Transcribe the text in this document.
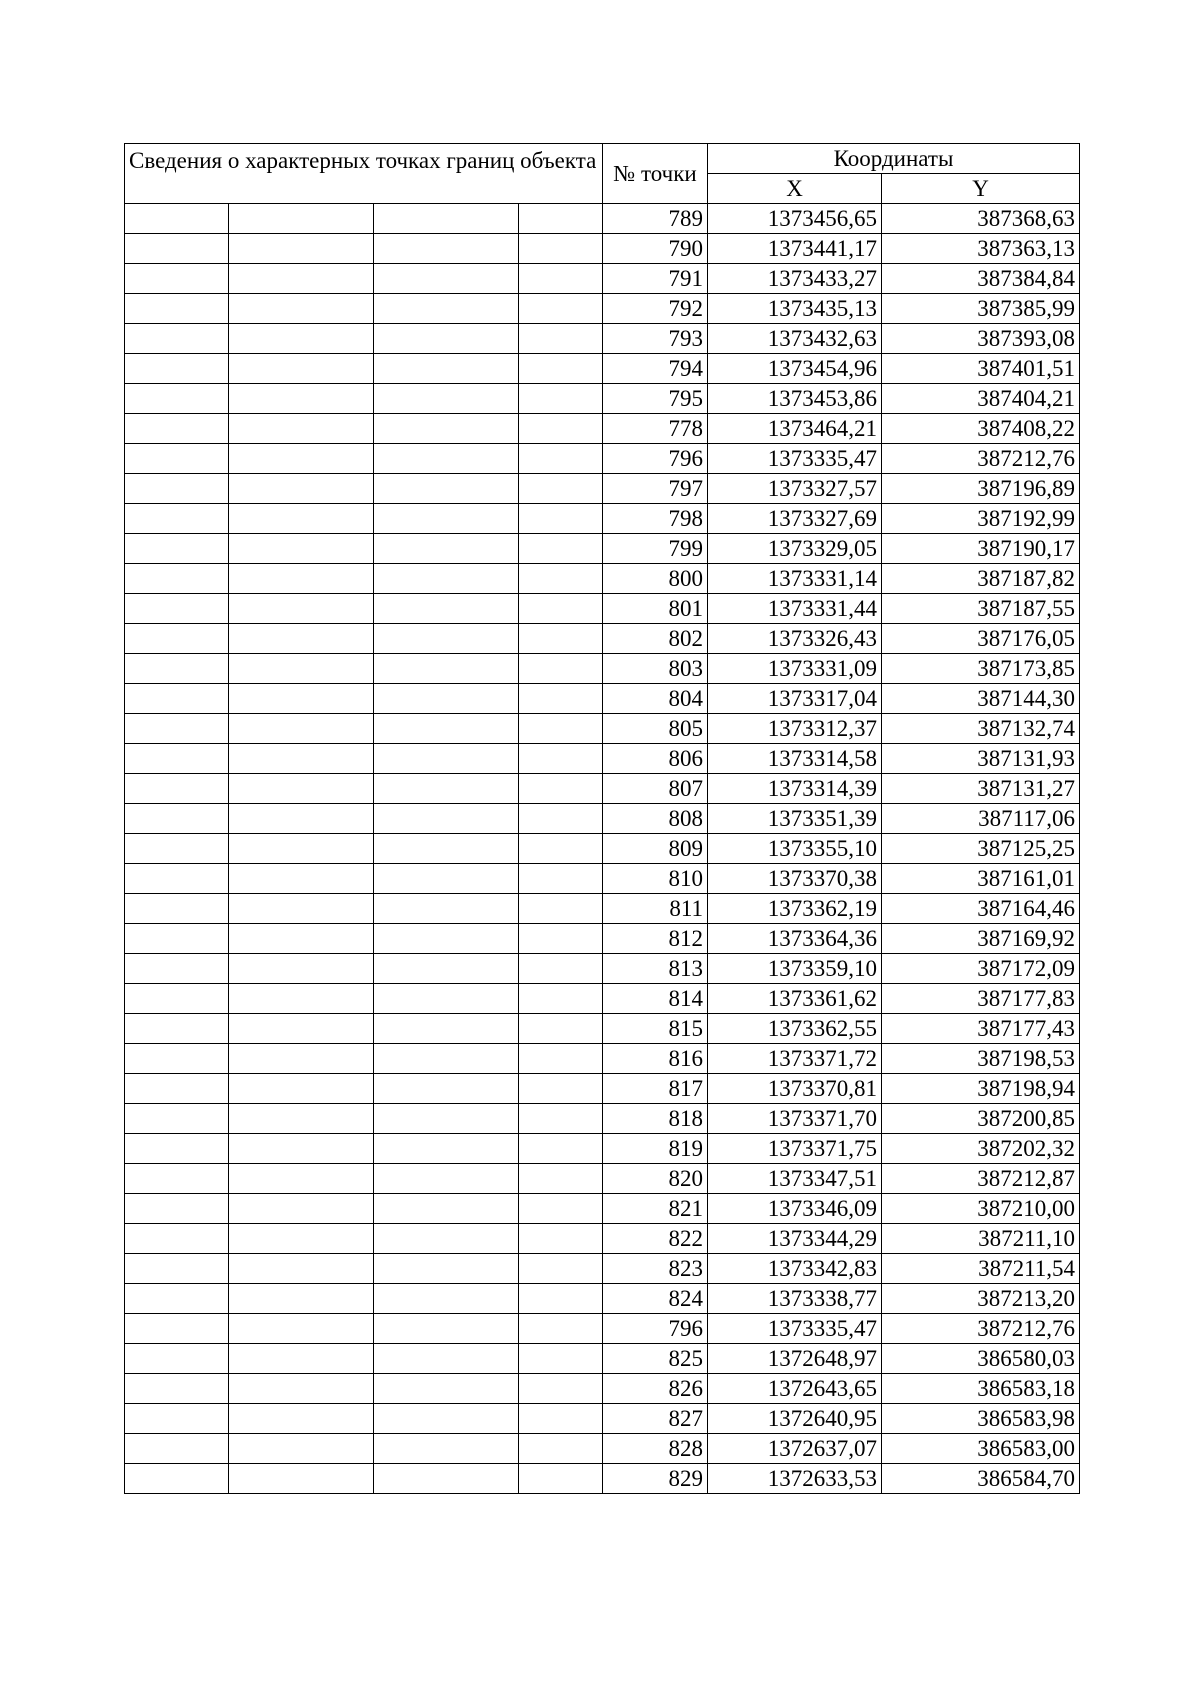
Сведения о характерных точках границ объекта				№ точки	Координаты	
					X	Y
				789	1373456,65	387368,63
				790	1373441,17	387363,13
				791	1373433,27	387384,84
				792	1373435,13	387385,99
				793	1373432,63	387393,08
				794	1373454,96	387401,51
				795	1373453,86	387404,21
				778	1373464,21	387408,22
				796	1373335,47	387212,76
				797	1373327,57	387196,89
				798	1373327,69	387192,99
				799	1373329,05	387190,17
				800	1373331,14	387187,82
				801	1373331,44	387187,55
				802	1373326,43	387176,05
				803	1373331,09	387173,85
				804	1373317,04	387144,30
				805	1373312,37	387132,74
				806	1373314,58	387131,93
				807	1373314,39	387131,27
				808	1373351,39	387117,06
				809	1373355,10	387125,25
				810	1373370,38	387161,01
				811	1373362,19	387164,46
				812	1373364,36	387169,92
				813	1373359,10	387172,09
				814	1373361,62	387177,83
				815	1373362,55	387177,43
				816	1373371,72	387198,53
				817	1373370,81	387198,94
				818	1373371,70	387200,85
				819	1373371,75	387202,32
				820	1373347,51	387212,87
				821	1373346,09	387210,00
				822	1373344,29	387211,10
				823	1373342,83	387211,54
				824	1373338,77	387213,20
				796	1373335,47	387212,76
				825	1372648,97	386580,03
				826	1372643,65	386583,18
				827	1372640,95	386583,98
				828	1372637,07	386583,00
				829	1372633,53	386584,70
